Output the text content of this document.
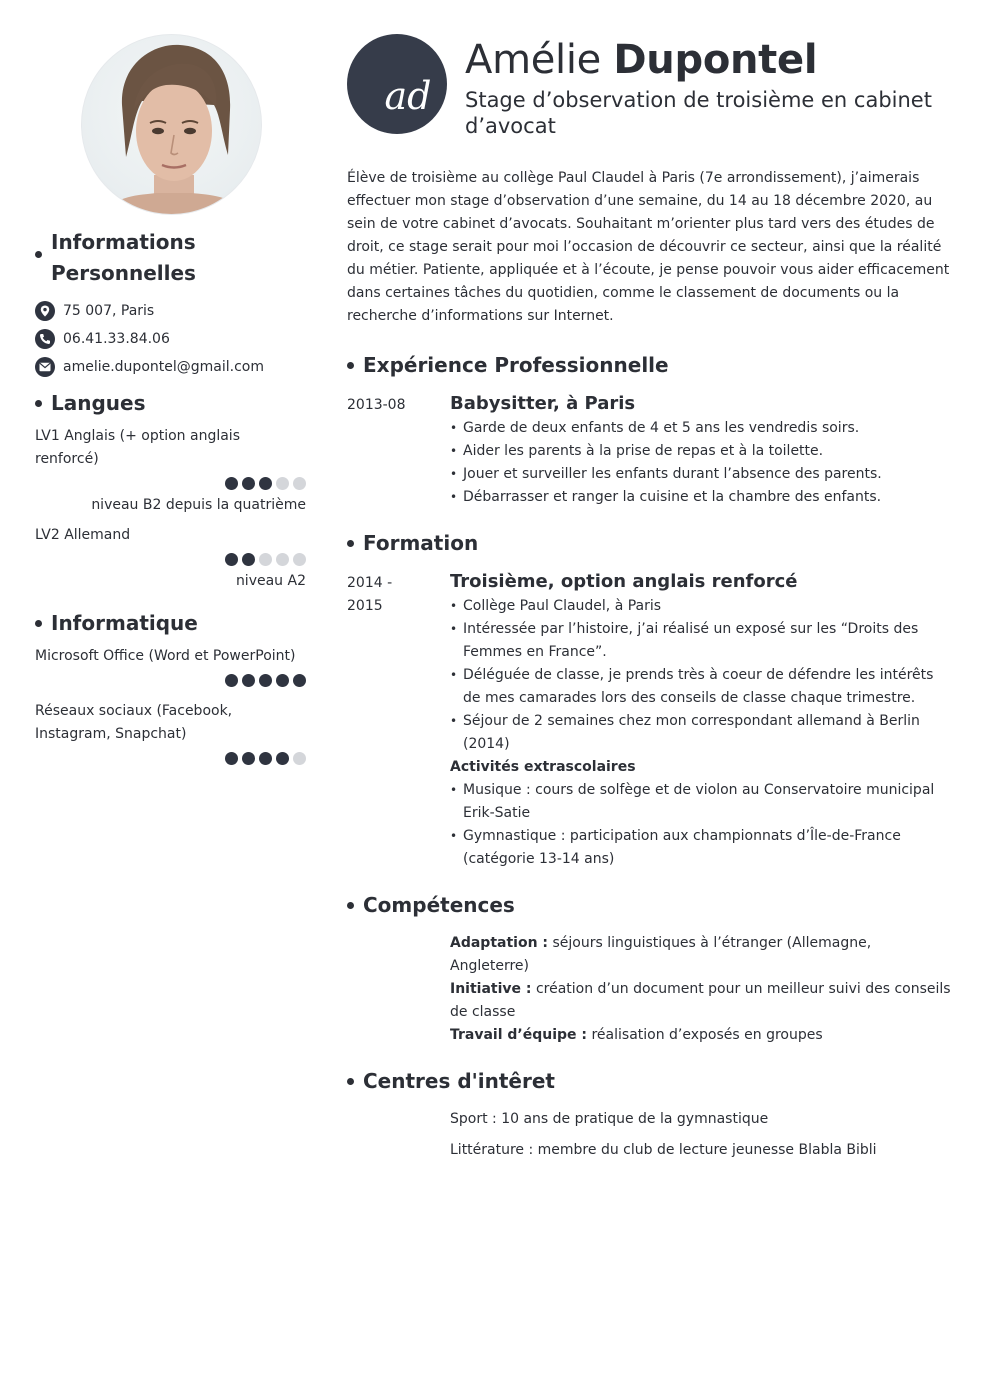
Informations Personnelles
75 007, Paris
06.41.33.84.06
amelie.dupontel@gmail.com
Langues
LV1 Anglais (+ option anglais renforcé)
niveau B2 depuis la quatrième
LV2 Allemand
niveau A2
Informatique
Microsoft Office (Word et PowerPoint)
Réseaux sociaux (Facebook, Instagram, Snapchat)
ad
Amélie Dupontel
Stage d’observation de troisième en cabinet d’avocat

Élève de troisième au collège Paul Claudel à Paris (7e arrondissement), j’aimerais effectuer mon stage d’observation d’une semaine, du 14 au 18 décembre 2020, au sein de votre cabinet d’avocats. Souhaitant m’orienter plus tard vers des études de droit, ce stage serait pour moi l’occasion de découvrir ce secteur, ainsi que la réalité du métier. Patiente, appliquée et à l’écoute, je pense pouvoir vous aider efficacement dans certaines tâches du quotidien, comme le classement de documents ou la recherche d’informations sur Internet.

Expérience Professionnelle
2013-08	Babysitter, à Paris
• Garde de deux enfants de 4 et 5 ans les vendredis soirs.
• Aider les parents à la prise de repas et à la toilette.
• Jouer et surveiller les enfants durant l’absence des parents.
• Débarrasser et ranger la cuisine et la chambre des enfants.
Formation
2014 -
2015
Troisième, option anglais renforcé
• Collège Paul Claudel, à Paris
• Intéressée par l’histoire, j’ai réalisé un exposé sur les “Droits des Femmes en France”.
• Déléguée de classe, je prends très à coeur de défendre les intérêts de mes camarades lors des conseils de classe chaque trimestre.
• Séjour de 2 semaines chez mon correspondant allemand à Berlin (2014)
Activités extrascolaires
• Musique : cours de solfège et de violon au Conservatoire municipal Erik-Satie
• Gymnastique : participation aux championnats d’Île-de-France (catégorie 13-14 ans)
Compétences

Adaptation : séjours linguistiques à l’étranger (Allemagne, Angleterre)

Initiative : création d’un document pour un meilleur suivi des conseils de classe

Travail d’équipe : réalisation d’exposés en groupes

Centres d'intêret

Sport : 10 ans de pratique de la gymnastique

Littérature : membre du club de lecture jeunesse Blabla Bibli
